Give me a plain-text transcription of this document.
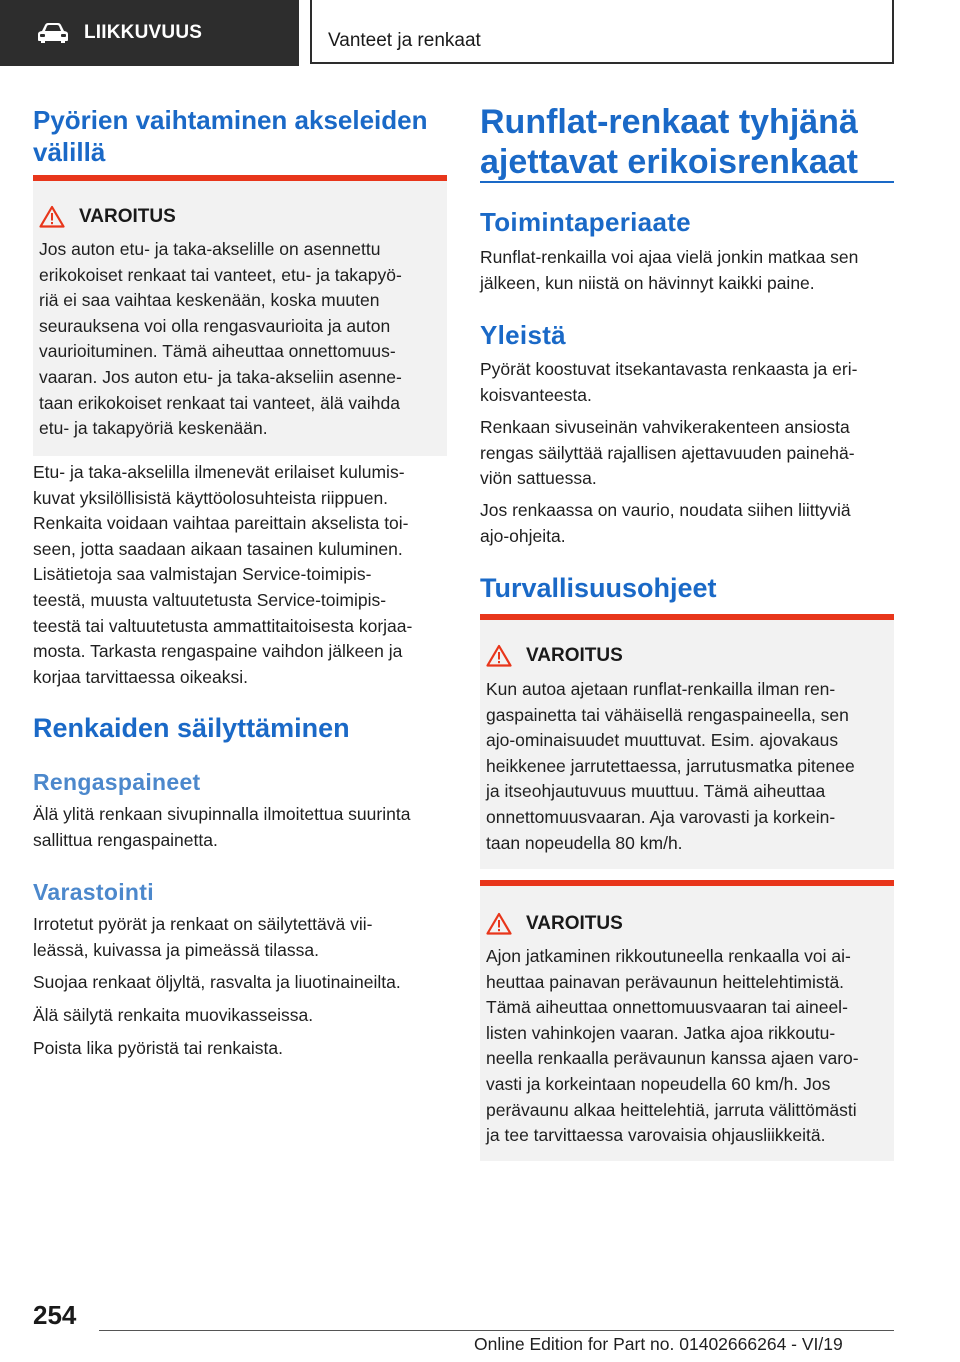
LIIKKUVUUS	Vanteet ja renkaat
Pyörien vaihtaminen akseleiden välillä
VAROITUS
Jos auton etu- ja taka-akselille on asennettu
erikokoiset renkaat tai vanteet, etu- ja takapyö‐
riä ei saa vaihtaa keskenään, koska muuten
seurauksena voi olla rengasvaurioita ja auton
vaurioituminen. Tämä aiheuttaa onnettomuus‐
vaaran. Jos auton etu- ja taka-akseliin asenne‐
taan erikokoiset renkaat tai vanteet, älä vaihda
etu- ja takapyöriä keskenään.
Etu- ja taka-akselilla ilmenevät erilaiset kulumis‐
kuvat yksilöllisistä käyttöolosuhteista riippuen.
Renkaita voidaan vaihtaa pareittain akselista toi‐
seen, jotta saadaan aikaan tasainen kuluminen.
Lisätietoja saa valmistajan Service-toimipis‐
teestä, muusta valtuutetusta Service-toimipis‐
teestä tai valtuutetusta ammattitaitoisesta korjaa‐
mosta. Tarkasta rengaspaine vaihdon jälkeen ja
korjaa tarvittaessa oikeaksi.
Renkaiden säilyttäminen
Rengaspaineet
Älä ylitä renkaan sivupinnalla ilmoitettua suurinta
sallittua rengaspainetta.
Varastointi
Irrotetut pyörät ja renkaat on säilytettävä vii‐
leässä, kuivassa ja pimeässä tilassa.
Suojaa renkaat öljyltä, rasvalta ja liuotinaineilta.
Älä säilytä renkaita muovikasseissa.
Poista lika pyöristä tai renkaista.
Runflat-renkaat tyhjänä
ajettavat erikoisrenkaat
Toimintaperiaate
Runflat-renkailla voi ajaa vielä jonkin matkaa sen
jälkeen, kun niistä on hävinnyt kaikki paine.
Yleistä
Pyörät koostuvat itsekantavasta renkaasta ja eri‐
koisvanteesta.
Renkaan sivuseinän vahvikerakenteen ansiosta
rengas säilyttää rajallisen ajettavuuden painehä‐
viön sattuessa.
Jos renkaassa on vaurio, noudata siihen liittyviä
ajo-ohjeita.
Turvallisuusohjeet
VAROITUS
Kun autoa ajetaan runflat-renkailla ilman ren‐
gaspainetta tai vähäisellä rengaspaineella, sen
ajo-ominaisuudet muuttuvat. Esim. ajovakaus
heikkenee jarrutettaessa, jarrutusmatka pitenee
ja itseohjautuvuus muuttuu. Tämä aiheuttaa
onnettomuusvaaran. Aja varovasti ja korkein‐
taan nopeudella 80 km/h.
VAROITUS
Ajon jatkaminen rikkoutuneella renkaalla voi ai‐
heuttaa painavan perävaunun heittelehtimistä.
Tämä aiheuttaa onnettomuusvaaran tai aineel‐
listen vahinkojen vaaran. Jatka ajoa rikkoutu‐
neella renkaalla perävaunun kanssa ajaen varo‐
vasti ja korkeintaan nopeudella 60 km/h. Jos
perävaunu alkaa heittelehtiä, jarruta välittömästi
ja tee tarvittaessa varovaisia ohjausliikkeitä.
254
Online Edition for Part no. 01402666264 - VI/19
